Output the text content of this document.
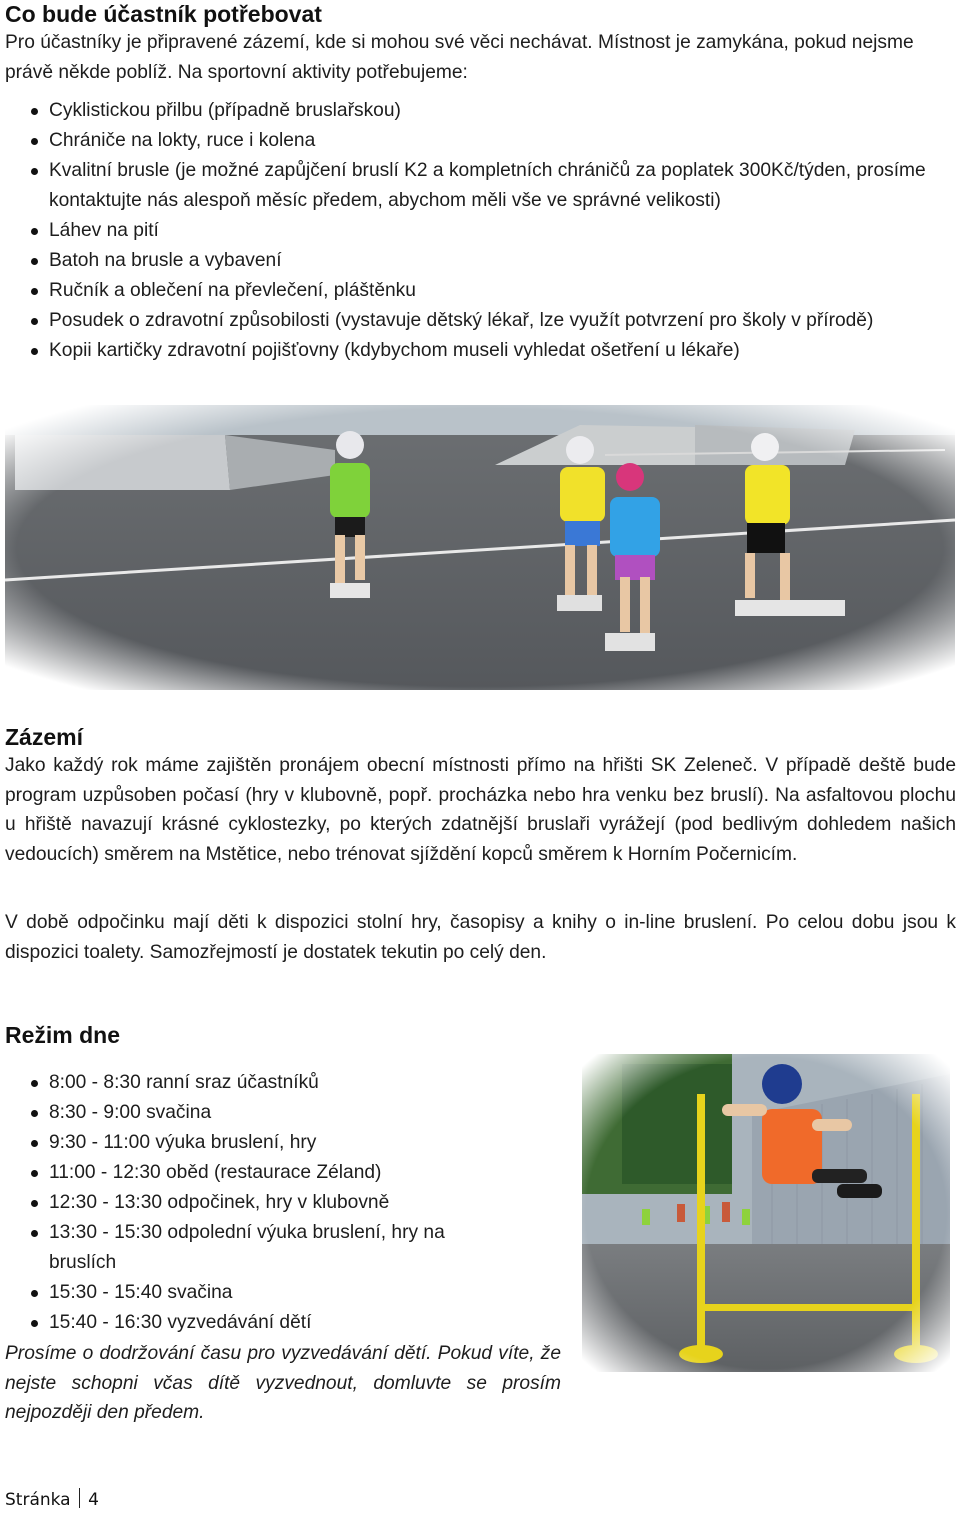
Co bude účastník potřebovat

Pro účastníky je připravené zázemí, kde si mohou své věci nechávat. Místnost je zamykána, pokud nejsme právě někde poblíž. Na sportovní aktivity potřebujeme:

Cyklistickou přilbu (případně bruslařskou)
Chrániče na lokty, ruce i kolena
Kvalitní brusle (je možné zapůjčení bruslí K2 a kompletních chráničů za poplatek 300Kč/týden, prosíme kontaktujte nás alespoň měsíc předem, abychom měli vše ve správné velikosti)
Láhev na pití
Batoh na brusle a vybavení
Ručník a oblečení na převlečení, pláštěnku
Posudek o zdravotní způsobilosti (vystavuje dětský lékař, lze využít potvrzení pro školy v přírodě)
Kopii kartičky zdravotní pojišťovny (kdybychom museli vyhledat ošetření u lékaře)
Zázemí

Jako každý rok máme zajištěn pronájem obecní místnosti přímo na hřišti SK Zeleneč. V případě deště bude program uzpůsoben počasí (hry v klubovně, popř. procházka nebo hra venku bez bruslí). Na asfaltovou plochu u hřiště navazují krásné cyklostezky, po kterých zdatnější bruslaři vyrážejí (pod bedlivým dohledem našich vedoucích) směrem na Mstětice, nebo trénovat sjíždění kopců směrem k Horním Počernicím.

V době odpočinku mají děti k dispozici stolní hry, časopisy a knihy o in-line bruslení. Po celou dobu jsou k dispozici toalety. Samozřejmostí je dostatek tekutin po celý den.

Režim dne
8:00 - 8:30 ranní sraz účastníků
8:30 - 9:00 svačina
9:30 - 11:00 výuka bruslení, hry
11:00 - 12:30 oběd (restaurace Zéland)
12:30 - 13:30 odpočinek, hry v klubovně
13:30 - 15:30 odpolední výuka bruslení, hry na bruslích
15:30 - 15:40 svačina
15:40 - 16:30 vyzvedávání dětí

Prosíme o dodržování času pro vyzvedávání dětí. Pokud víte, že nejste schopni včas dítě vyzvednout, domluvte se prosím nejpozději den předem.

Stránka 4
